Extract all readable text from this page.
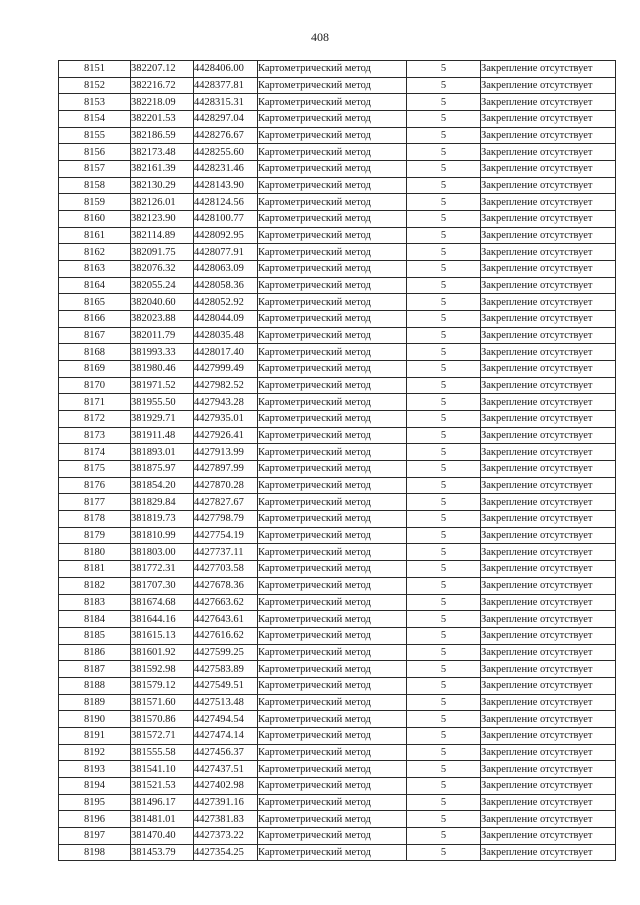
408
8151	382207.12	4428406.00	Картометрический метод	5	Закрепление отсутствует
8152	382216.72	4428377.81	Картометрический метод	5	Закрепление отсутствует
8153	382218.09	4428315.31	Картометрический метод	5	Закрепление отсутствует
8154	382201.53	4428297.04	Картометрический метод	5	Закрепление отсутствует
8155	382186.59	4428276.67	Картометрический метод	5	Закрепление отсутствует
8156	382173.48	4428255.60	Картометрический метод	5	Закрепление отсутствует
8157	382161.39	4428231.46	Картометрический метод	5	Закрепление отсутствует
8158	382130.29	4428143.90	Картометрический метод	5	Закрепление отсутствует
8159	382126.01	4428124.56	Картометрический метод	5	Закрепление отсутствует
8160	382123.90	4428100.77	Картометрический метод	5	Закрепление отсутствует
8161	382114.89	4428092.95	Картометрический метод	5	Закрепление отсутствует
8162	382091.75	4428077.91	Картометрический метод	5	Закрепление отсутствует
8163	382076.32	4428063.09	Картометрический метод	5	Закрепление отсутствует
8164	382055.24	4428058.36	Картометрический метод	5	Закрепление отсутствует
8165	382040.60	4428052.92	Картометрический метод	5	Закрепление отсутствует
8166	382023.88	4428044.09	Картометрический метод	5	Закрепление отсутствует
8167	382011.79	4428035.48	Картометрический метод	5	Закрепление отсутствует
8168	381993.33	4428017.40	Картометрический метод	5	Закрепление отсутствует
8169	381980.46	4427999.49	Картометрический метод	5	Закрепление отсутствует
8170	381971.52	4427982.52	Картометрический метод	5	Закрепление отсутствует
8171	381955.50	4427943.28	Картометрический метод	5	Закрепление отсутствует
8172	381929.71	4427935.01	Картометрический метод	5	Закрепление отсутствует
8173	381911.48	4427926.41	Картометрический метод	5	Закрепление отсутствует
8174	381893.01	4427913.99	Картометрический метод	5	Закрепление отсутствует
8175	381875.97	4427897.99	Картометрический метод	5	Закрепление отсутствует
8176	381854.20	4427870.28	Картометрический метод	5	Закрепление отсутствует
8177	381829.84	4427827.67	Картометрический метод	5	Закрепление отсутствует
8178	381819.73	4427798.79	Картометрический метод	5	Закрепление отсутствует
8179	381810.99	4427754.19	Картометрический метод	5	Закрепление отсутствует
8180	381803.00	4427737.11	Картометрический метод	5	Закрепление отсутствует
8181	381772.31	4427703.58	Картометрический метод	5	Закрепление отсутствует
8182	381707.30	4427678.36	Картометрический метод	5	Закрепление отсутствует
8183	381674.68	4427663.62	Картометрический метод	5	Закрепление отсутствует
8184	381644.16	4427643.61	Картометрический метод	5	Закрепление отсутствует
8185	381615.13	4427616.62	Картометрический метод	5	Закрепление отсутствует
8186	381601.92	4427599.25	Картометрический метод	5	Закрепление отсутствует
8187	381592.98	4427583.89	Картометрический метод	5	Закрепление отсутствует
8188	381579.12	4427549.51	Картометрический метод	5	Закрепление отсутствует
8189	381571.60	4427513.48	Картометрический метод	5	Закрепление отсутствует
8190	381570.86	4427494.54	Картометрический метод	5	Закрепление отсутствует
8191	381572.71	4427474.14	Картометрический метод	5	Закрепление отсутствует
8192	381555.58	4427456.37	Картометрический метод	5	Закрепление отсутствует
8193	381541.10	4427437.51	Картометрический метод	5	Закрепление отсутствует
8194	381521.53	4427402.98	Картометрический метод	5	Закрепление отсутствует
8195	381496.17	4427391.16	Картометрический метод	5	Закрепление отсутствует
8196	381481.01	4427381.83	Картометрический метод	5	Закрепление отсутствует
8197	381470.40	4427373.22	Картометрический метод	5	Закрепление отсутствует
8198	381453.79	4427354.25	Картометрический метод	5	Закрепление отсутствует
